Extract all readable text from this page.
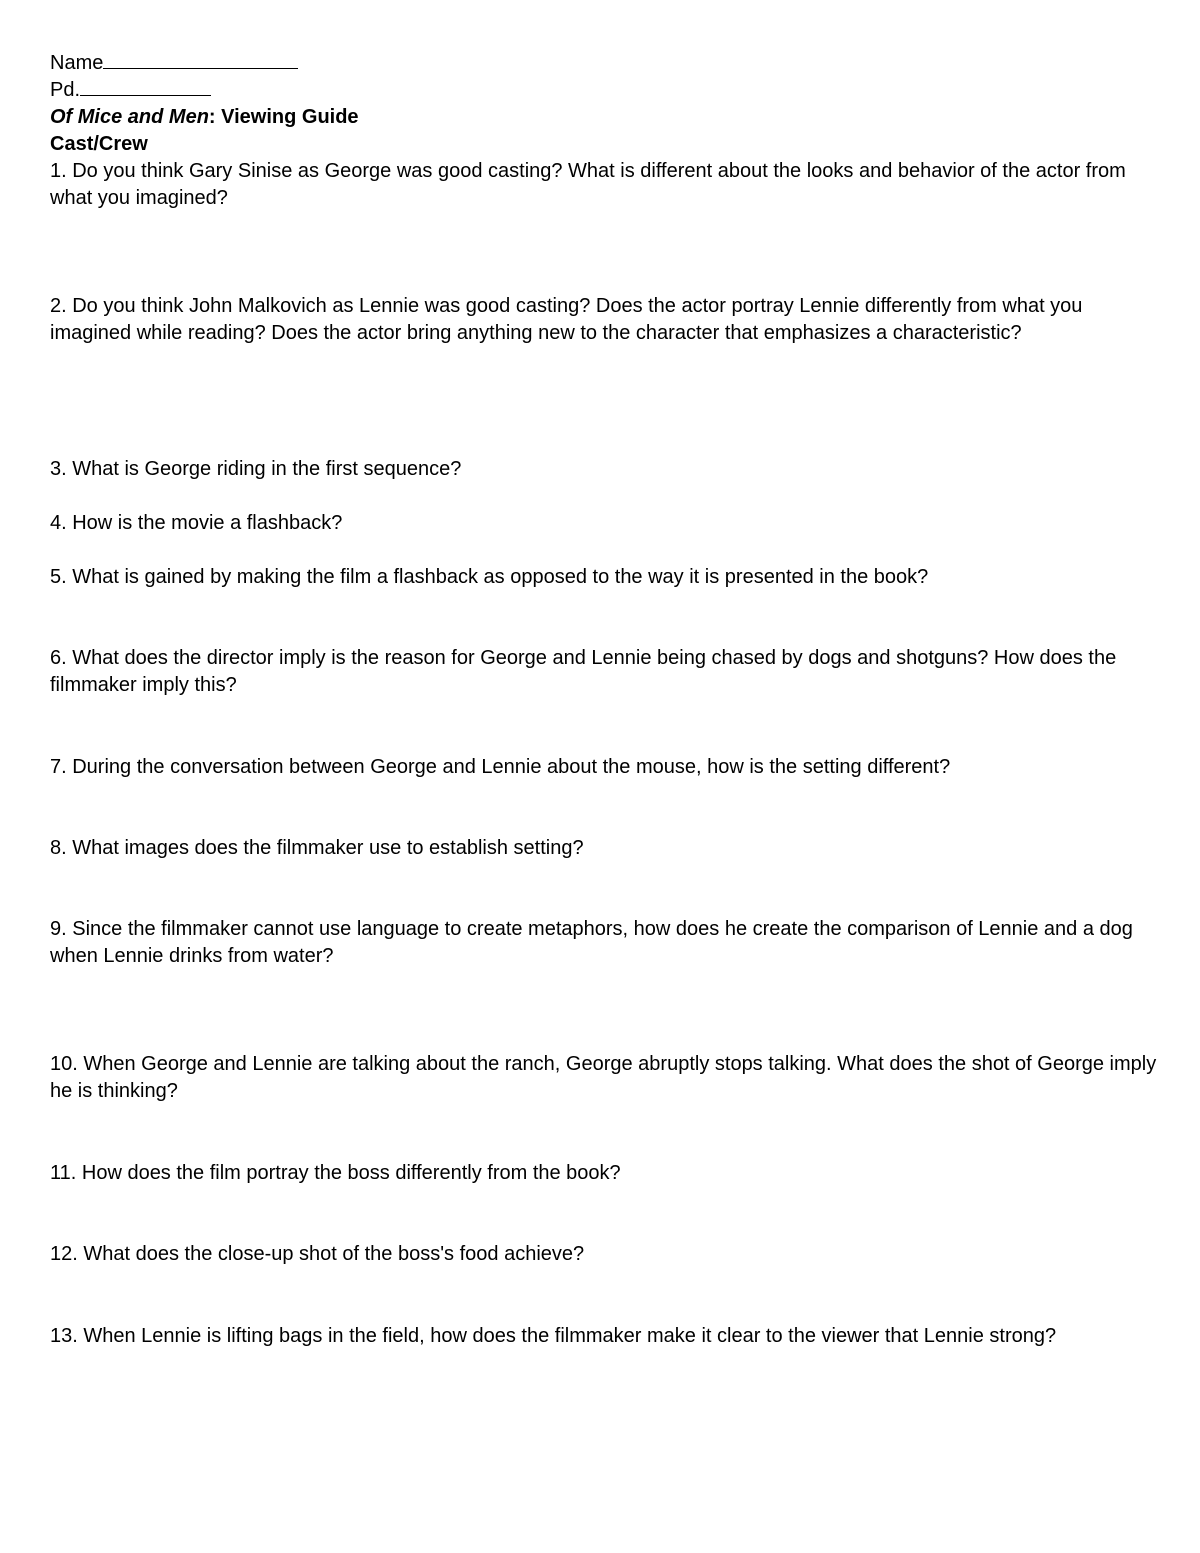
Name

Pd.

Of Mice and Men: Viewing Guide

Cast/Crew

1. Do you think Gary Sinise as George was good casting? What is different about the looks and behavior of the actor from what you imagined?

2. Do you think John Malkovich as Lennie was good casting? Does the actor portray Lennie differently from what you imagined while reading? Does the actor bring anything new to the character that emphasizes a characteristic?

3. What is George riding in the first sequence?

4. How is the movie a flashback?

5. What is gained by making the film a flashback as opposed to the way it is presented in the book?

6. What does the director imply is the reason for George and Lennie being chased by dogs and shotguns? How does the filmmaker imply this?

7. During the conversation between George and Lennie about the mouse, how is the setting different?

8. What images does the filmmaker use to establish setting?

9. Since the filmmaker cannot use language to create metaphors, how does he create the comparison of Lennie and a dog when Lennie drinks from water?

10. When George and Lennie are talking about the ranch, George abruptly stops talking. What does the shot of George imply he is thinking?

11. How does the film portray the boss differently from the book?

12. What does the close-up shot of the boss's food achieve?

13. When Lennie is lifting bags in the field, how does the filmmaker make it clear to the viewer that Lennie strong?
